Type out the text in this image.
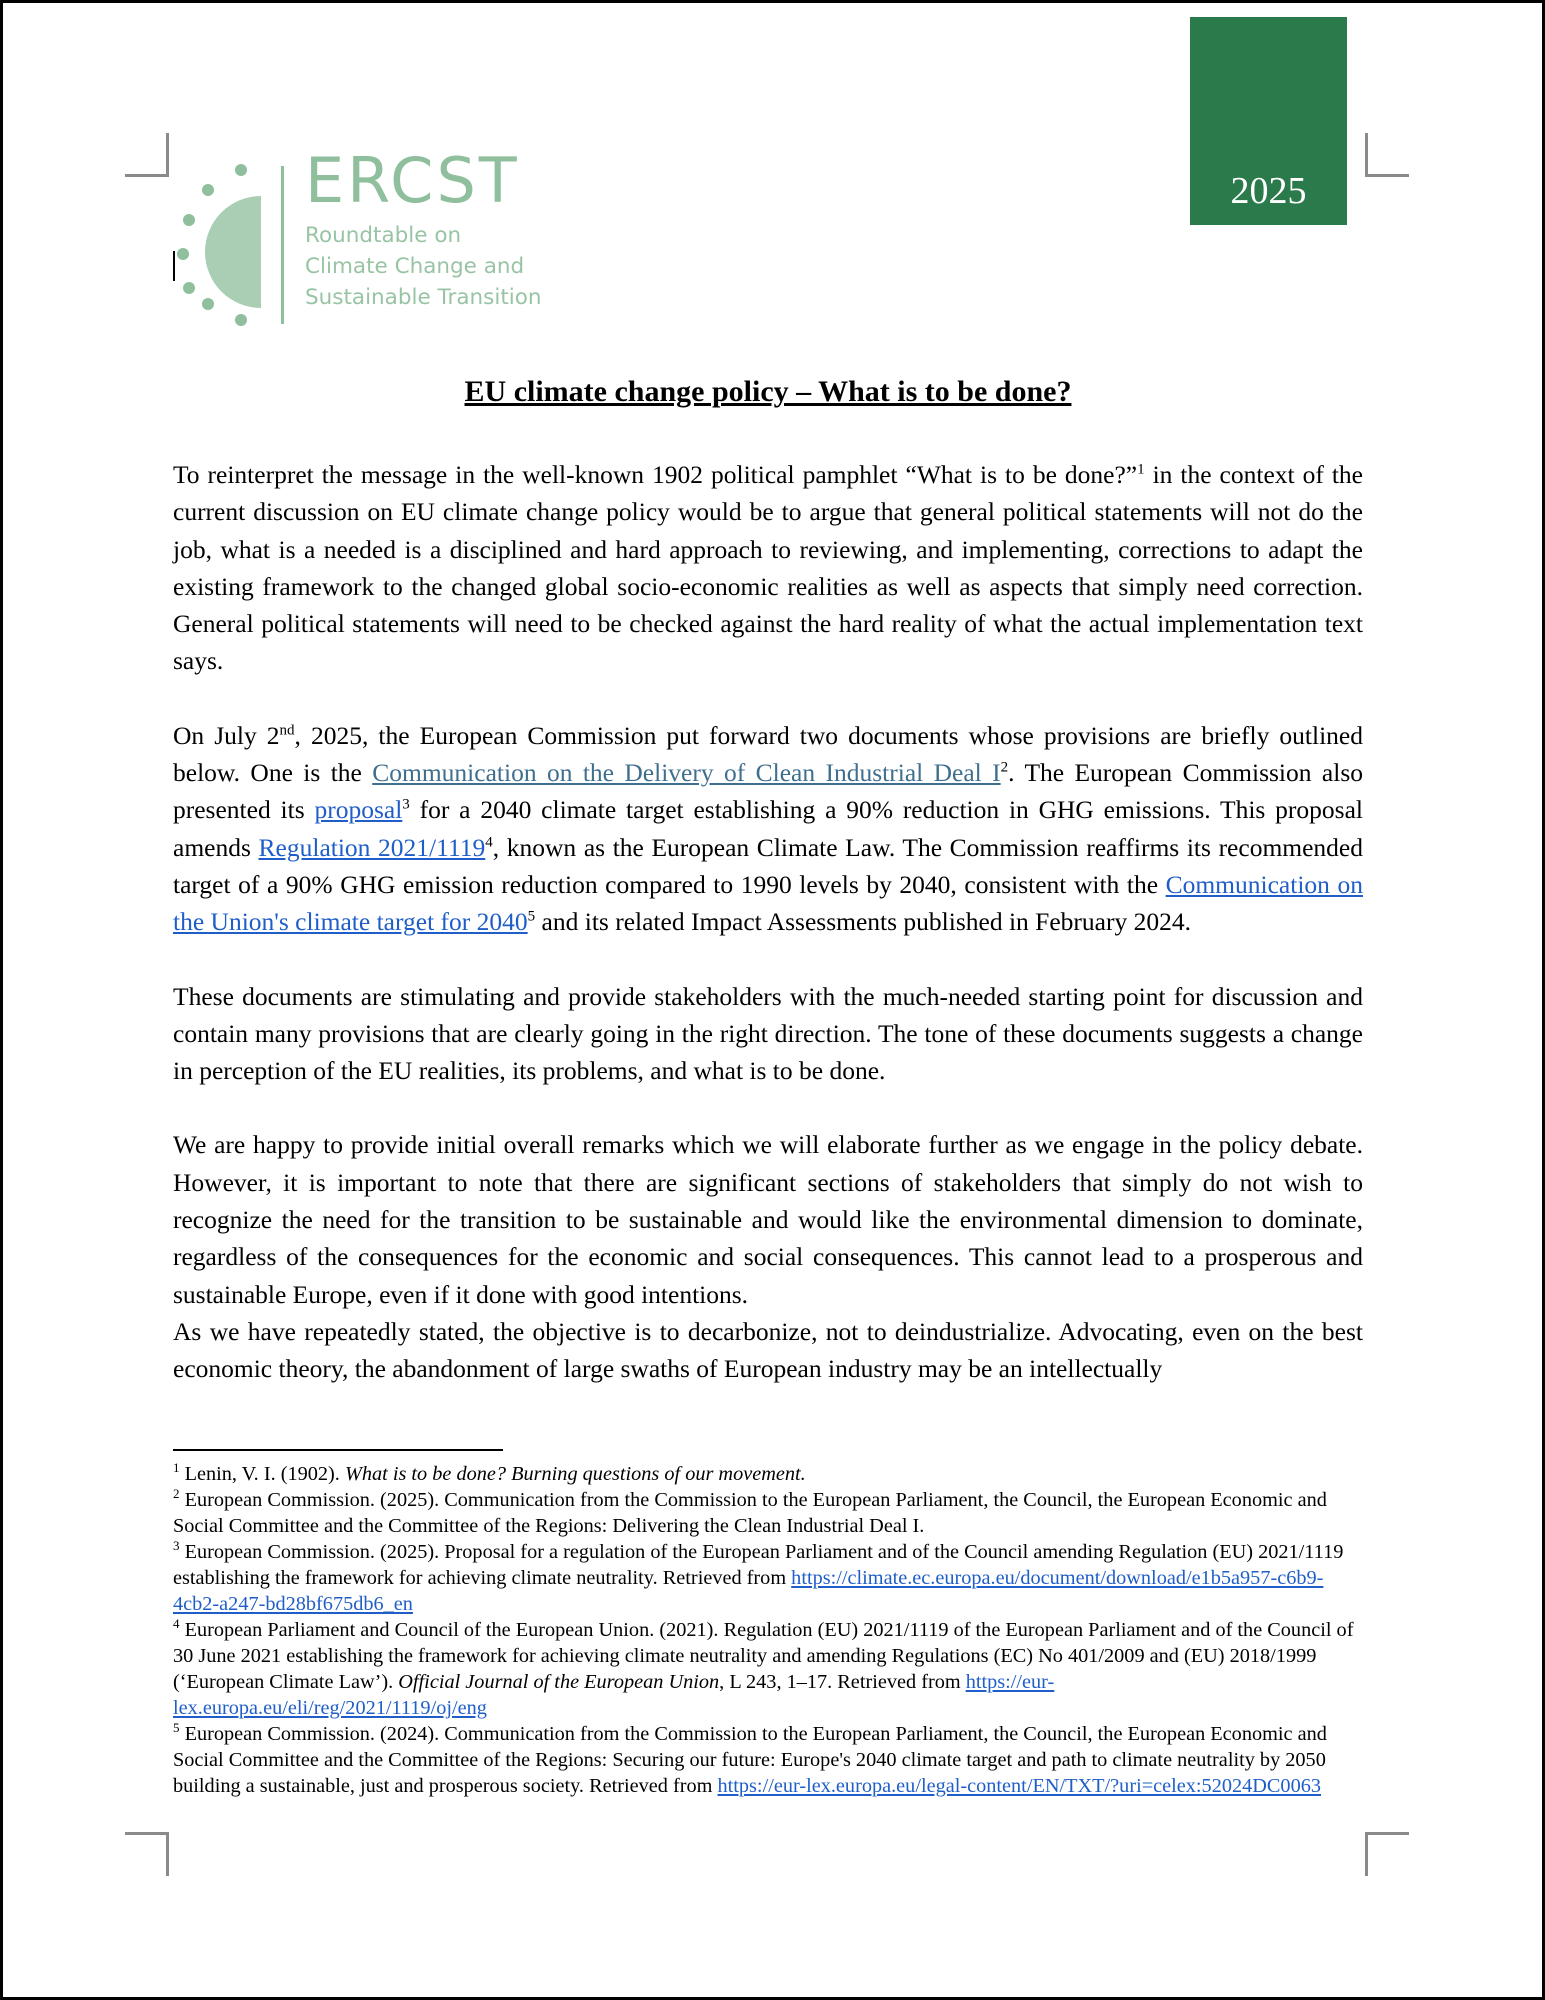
2025
ERCST
Roundtable on
Climate Change and
Sustainable Transition
EU climate change policy – What is to be done?

To reinterpret the message in the well-known 1902 political pamphlet “What is to be done?”$^1$ in the context of the current discussion on EU climate change policy would be to argue that general political statements will not do the job, what is a needed is a disciplined and hard approach to reviewing, and implementing, corrections to adapt the existing framework to the changed global socio-economic realities as well as aspects that simply need correction. General political statements will need to be checked against the hard reality of what the actual implementation text says.

On July 2nd, 2025, the European Commission put forward two documents whose provisions are briefly outlined below. One is the Communication on the Delivery of Clean Industrial Deal $I^2$. The European Commission also presented its proposal$^3$ for a 2040 climate target establishing a 90% reduction in GHG emissions. This proposal amends Regulation 2021/1119$^4$, known as the European Climate Law. The Commission reaffirms its recommended target of a 90% GHG emission reduction compared to 1990 levels by 2040, consistent with the Communication on the Union's climate target for 2040$^5$ and its related Impact Assessments published in February 2024.

These documents are stimulating and provide stakeholders with the much-needed starting point for discussion and contain many provisions that are clearly going in the right direction. The tone of these documents suggests a change in perception of the EU realities, its problems, and what is to be done.

We are happy to provide initial overall remarks which we will elaborate further as we engage in the policy debate. However, it is important to note that there are significant sections of stakeholders that simply do not wish to recognize the need for the transition to be sustainable and would like the environmental dimension to dominate, regardless of the consequences for the economic and social consequences. This cannot lead to a prosperous and sustainable Europe, even if it done with good intentions.

As we have repeatedly stated, the objective is to decarbonize, not to deindustrialize. Advocating, even on the best economic theory, the abandonment of large swaths of European industry may be an intellectually

$^1$ Lenin, V. I. (1902). What is to be done? Burning questions of our movement.

$^2$ European Commission. (2025). Communication from the Commission to the European Parliament, the Council, the European Economic and Social Committee and the Committee of the Regions: Delivering the Clean Industrial Deal I.

$^3$ European Commission. (2025). Proposal for a regulation of the European Parliament and of the Council amending Regulation (EU) 2021/1119 establishing the framework for achieving climate neutrality. Retrieved from https://climate.ec.europa.eu/document/download/e1b5a957-c6b9-4cb2-a247-bd28bf675db6_en

$^4$ European Parliament and Council of the European Union. (2021). Regulation (EU) 2021/1119 of the European Parliament and of the Council of 30 June 2021 establishing the framework for achieving climate neutrality and amending Regulations (EC) No 401/2009 and (EU) 2018/1999 (‘European Climate Law’). Official Journal of the European Union, L 243, 1–17. Retrieved from https://eur-lex.europa.eu/eli/reg/2021/1119/oj/eng

$^5$ European Commission. (2024). Communication from the Commission to the European Parliament, the Council, the European Economic and Social Committee and the Committee of the Regions: Securing our future: Europe's 2040 climate target and path to climate neutrality by 2050 building a sustainable, just and prosperous society. Retrieved from https://eur-lex.europa.eu/legal-content/EN/TXT/?uri=celex:52024DC0063
